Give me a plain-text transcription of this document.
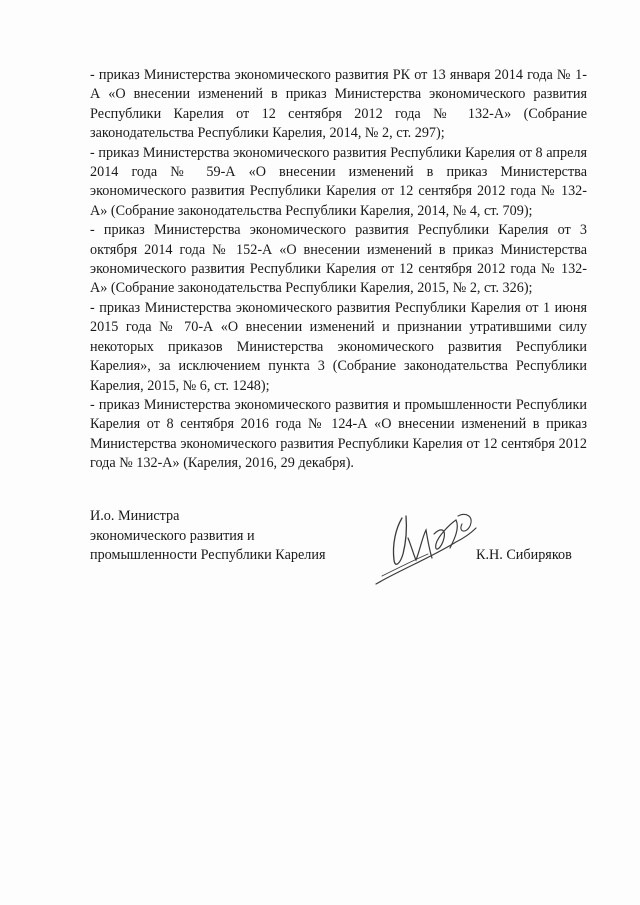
- приказ Министерства экономического развития РК от 13 января 2014 года № 1-А «О внесении изменений в приказ Министерства экономического развития Республики Карелия от 12 сентября 2012 года № 132-А» (Собрание законодательства Республики Карелия, 2014, № 2, ст. 297);

- приказ Министерства экономического развития Республики Карелия от 8 апреля 2014 года № 59-А «О внесении изменений в приказ Министерства экономического развития Республики Карелия от 12 сентября 2012 года № 132-А» (Собрание законодательства Республики Карелия, 2014, № 4, ст. 709);

- приказ Министерства экономического развития Республики Карелия от 3 октября 2014 года № 152-А «О внесении изменений в приказ Министерства экономического развития Республики Карелия от 12 сентября 2012 года № 132-А» (Собрание законодательства Республики Карелия, 2015, № 2, ст. 326);

- приказ Министерства экономического развития Республики Карелия от 1 июня 2015 года № 70-А «О внесении изменений и признании утратившими силу некоторых приказов Министерства экономического развития Республики Карелия», за исключением пункта 3 (Собрание законодательства Республики Карелия, 2015, № 6, ст. 1248);

- приказ Министерства экономического развития и промышленности Республики Карелия от 8 сентября 2016 года № 124-А «О внесении изменений в приказ Министерства экономического развития Республики Карелия от 12 сентября 2012 года № 132-А» (Карелия, 2016, 29 декабря).

И.о. Министра
экономического развития и
промышленности Республики Карелия	К.Н. Сибиряков
